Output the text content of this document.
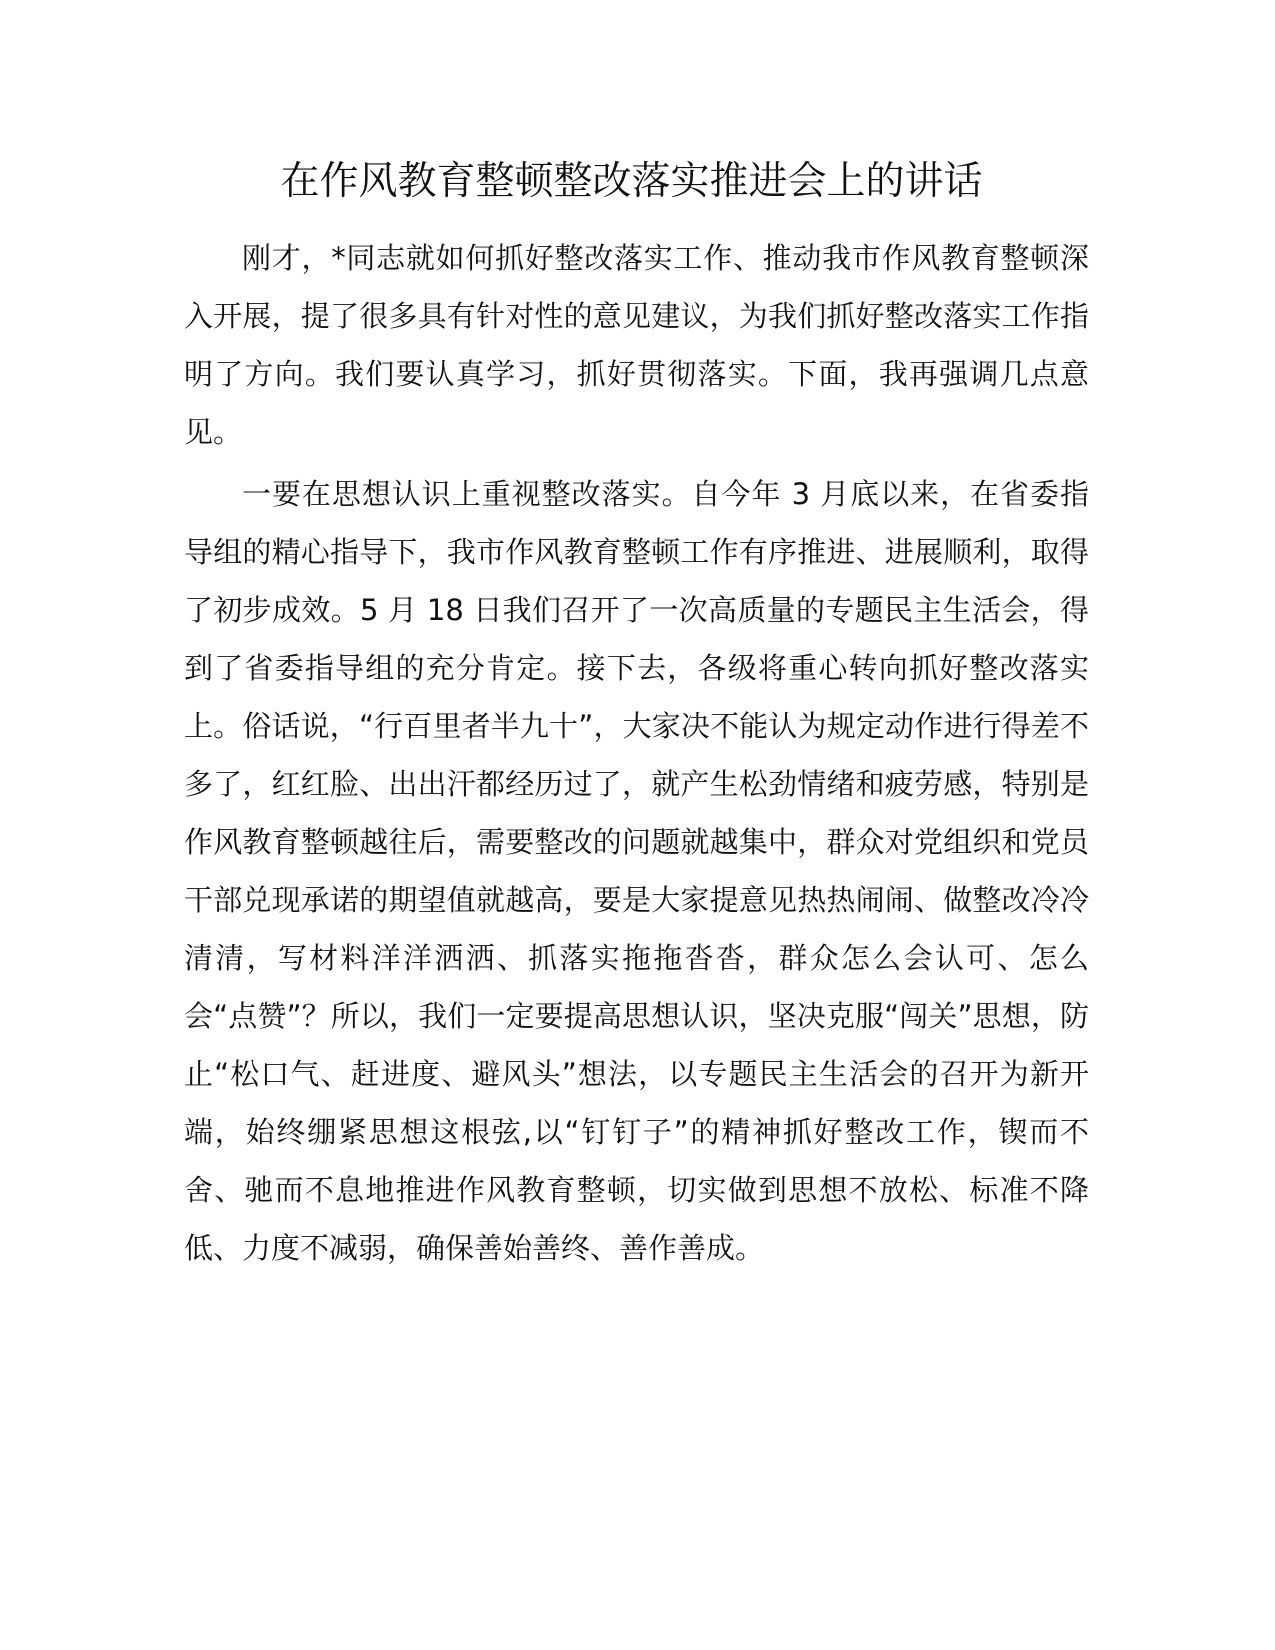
在作风教育整顿整改落实推进会上的讲话

刚才，*同志就如何抓好整改落实工作、推动我市作风教育整顿深入开展，提了很多具有针对性的意见建议，为我们抓好整改落实工作指明了方向。我们要认真学习，抓好贯彻落实。下面，我再强调几点意见。

一要在思想认识上重视整改落实。自今年 3 月底以来，在省委指导组的精心指导下，我市作风教育整顿工作有序推进、进展顺利，取得了初步成效。5 月 18 日我们召开了一次高质量的专题民主生活会，得到了省委指导组的充分肯定。接下去，各级将重心转向抓好整改落实上。俗话说，“行百里者半九十”，大家决不能认为规定动作进行得差不多了，红红脸、出出汗都经历过了，就产生松劲情绪和疲劳感，特别是作风教育整顿越往后，需要整改的问题就越集中，群众对党组织和党员干部兑现承诺的期望值就越高，要是大家提意见热热闹闹、做整改冷冷清清，写材料洋洋洒洒、抓落实拖拖沓沓，群众怎么会认可、怎么会“点赞”？所以，我们一定要提高思想认识，坚决克服“闯关”思想，防止“松口气、赶进度、避风头”想法，以专题民主生活会的召开为新开端，始终绷紧思想这根弦,以“钉钉子”的精神抓好整改工作，锲而不舍、驰而不息地推进作风教育整顿，切实做到思想不放松、标准不降低、力度不减弱，确保善始善终、善作善成。
